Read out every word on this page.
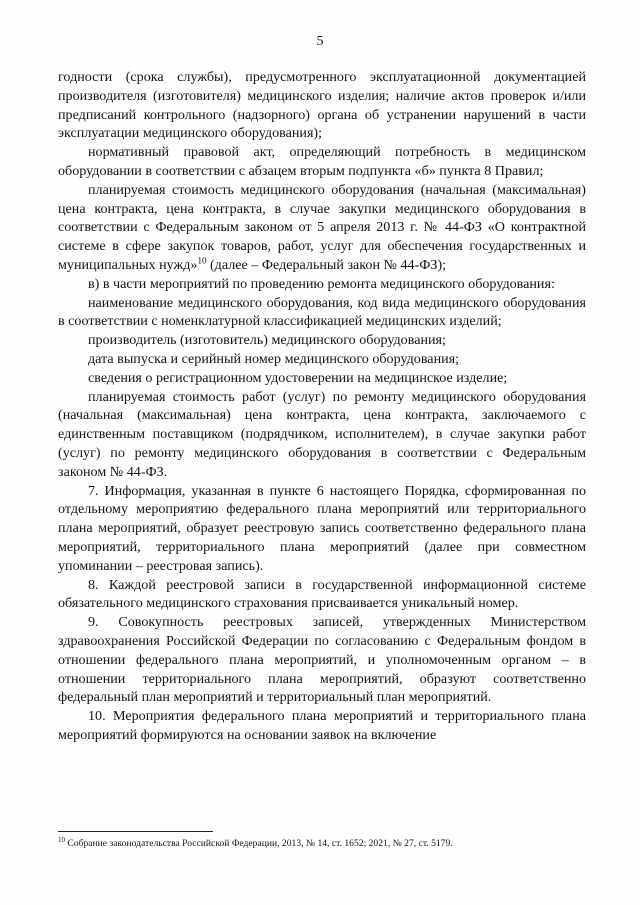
5

годности (срока службы), предусмотренного эксплуатационной документацией производителя (изготовителя) медицинского изделия; наличие актов проверок и/или предписаний контрольного (надзорного) органа об устранении нарушений в части эксплуатации медицинского оборудования);

нормативный правовой акт, определяющий потребность в медицинском оборудовании в соответствии с абзацем вторым подпункта «б» пункта 8 Правил;

планируемая стоимость медицинского оборудования (начальная (максимальная) цена контракта, цена контракта, в случае закупки медицинского оборудования в соответствии с Федеральным законом от 5 апреля 2013 г. № 44-ФЗ «О контрактной системе в сфере закупок товаров, работ, услуг для обеспечения государственных и муниципальных нужд»$^{10}$ (далее – Федеральный закон № 44-ФЗ);

в) в части мероприятий по проведению ремонта медицинского оборудования:

наименование медицинского оборудования, код вида медицинского оборудования в соответствии с номенклатурной классификацией медицинских изделий;

производитель (изготовитель) медицинского оборудования;

дата выпуска и серийный номер медицинского оборудования;

сведения о регистрационном удостоверении на медицинское изделие;

планируемая стоимость работ (услуг) по ремонту медицинского оборудования (начальная (максимальная) цена контракта, цена контракта, заключаемого с единственным поставщиком (подрядчиком, исполнителем), в случае закупки работ (услуг) по ремонту медицинского оборудования в соответствии с Федеральным законом № 44-ФЗ.

7. Информация, указанная в пункте 6 настоящего Порядка, сформированная по отдельному мероприятию федерального плана мероприятий или территориального плана мероприятий, образует реестровую запись соответственно федерального плана мероприятий, территориального плана мероприятий (далее при совместном упоминании – реестровая запись).

8. Каждой реестровой записи в государственной информационной системе обязательного медицинского страхования присваивается уникальный номер.

9. Совокупность реестровых записей, утвержденных Министерством здравоохранения Российской Федерации по согласованию с Федеральным фондом в отношении федерального плана мероприятий, и уполномоченным органом – в отношении территориального плана мероприятий, образуют соответственно федеральный план мероприятий и территориальный план мероприятий.

10. Мероприятия федерального плана мероприятий и территориального плана мероприятий формируются на основании заявок на включение

$^{10}$ Собрание законодательства Российской Федерации, 2013, № 14, ст. 1652; 2021, № 27, ст. 5179.
